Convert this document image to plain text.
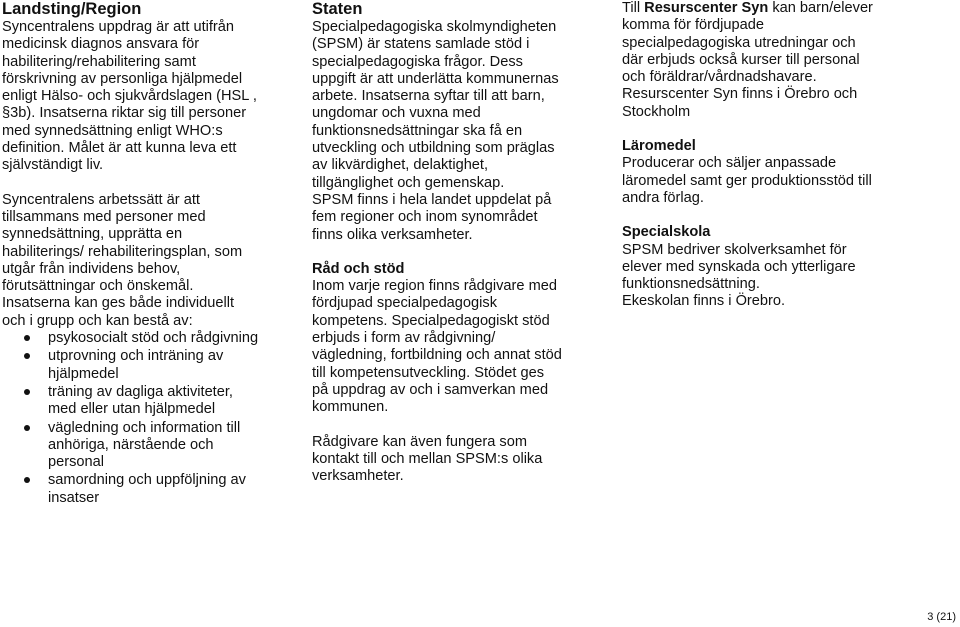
Landsting/Region

Syncentralens uppdrag är att utifrån
medicinsk diagnos ansvara för
habilitering/rehabilitering samt
förskrivning av personliga hjälpmedel
enligt Hälso- och sjukvårdslagen (HSL ,
§3b). Insatserna riktar sig till personer
med synnedsättning enligt WHO:s
definition. Målet är att kunna leva ett
självständigt liv.

Syncentralens arbetssätt är att
tillsammans med personer med
synnedsättning, upprätta en
habiliterings/ rehabiliteringsplan, som
utgår från individens behov,
förutsättningar och önskemål.
Insatserna kan ges både individuellt
och i grupp och kan bestå av:

psykosocialt stöd och rådgivning
utprovning och inträning av
hjälpmedel
träning av dagliga aktiviteter,
med eller utan hjälpmedel
vägledning och information till
anhöriga, närstående och
personal
samordning och uppföljning av
insatser
Staten

Specialpedagogiska skolmyndigheten
(SPSM) är statens samlade stöd i
specialpedagogiska frågor. Dess
uppgift är att underlätta kommunernas
arbete. Insatserna syftar till att barn,
ungdomar och vuxna med
funktionsnedsättningar ska få en
utveckling och utbildning som präglas
av likvärdighet, delaktighet,
tillgänglighet och gemenskap.
SPSM finns i hela landet uppdelat på
fem regioner och inom synområdet
finns olika verksamheter.

Råd och stöd

Inom varje region finns rådgivare med
fördjupad specialpedagogisk
kompetens. Specialpedagogiskt stöd
erbjuds i form av rådgivning/
vägledning, fortbildning och annat stöd
till kompetensutveckling. Stödet ges
på uppdrag av och i samverkan med
kommunen.

Rådgivare kan även fungera som
kontakt till och mellan SPSM:s olika
verksamheter.

Till Resurscenter Syn kan barn/elever
komma för fördjupade
specialpedagogiska utredningar och
där erbjuds också kurser till personal
och föräldrar/vårdnadshavare.
Resurscenter Syn finns i Örebro och
Stockholm

Läromedel

Producerar och säljer anpassade
läromedel samt ger produktionsstöd till
andra förlag.

Specialskola

SPSM bedriver skolverksamhet för
elever med synskada och ytterligare
funktionsnedsättning.
Ekeskolan finns i Örebro.

3 (21)
